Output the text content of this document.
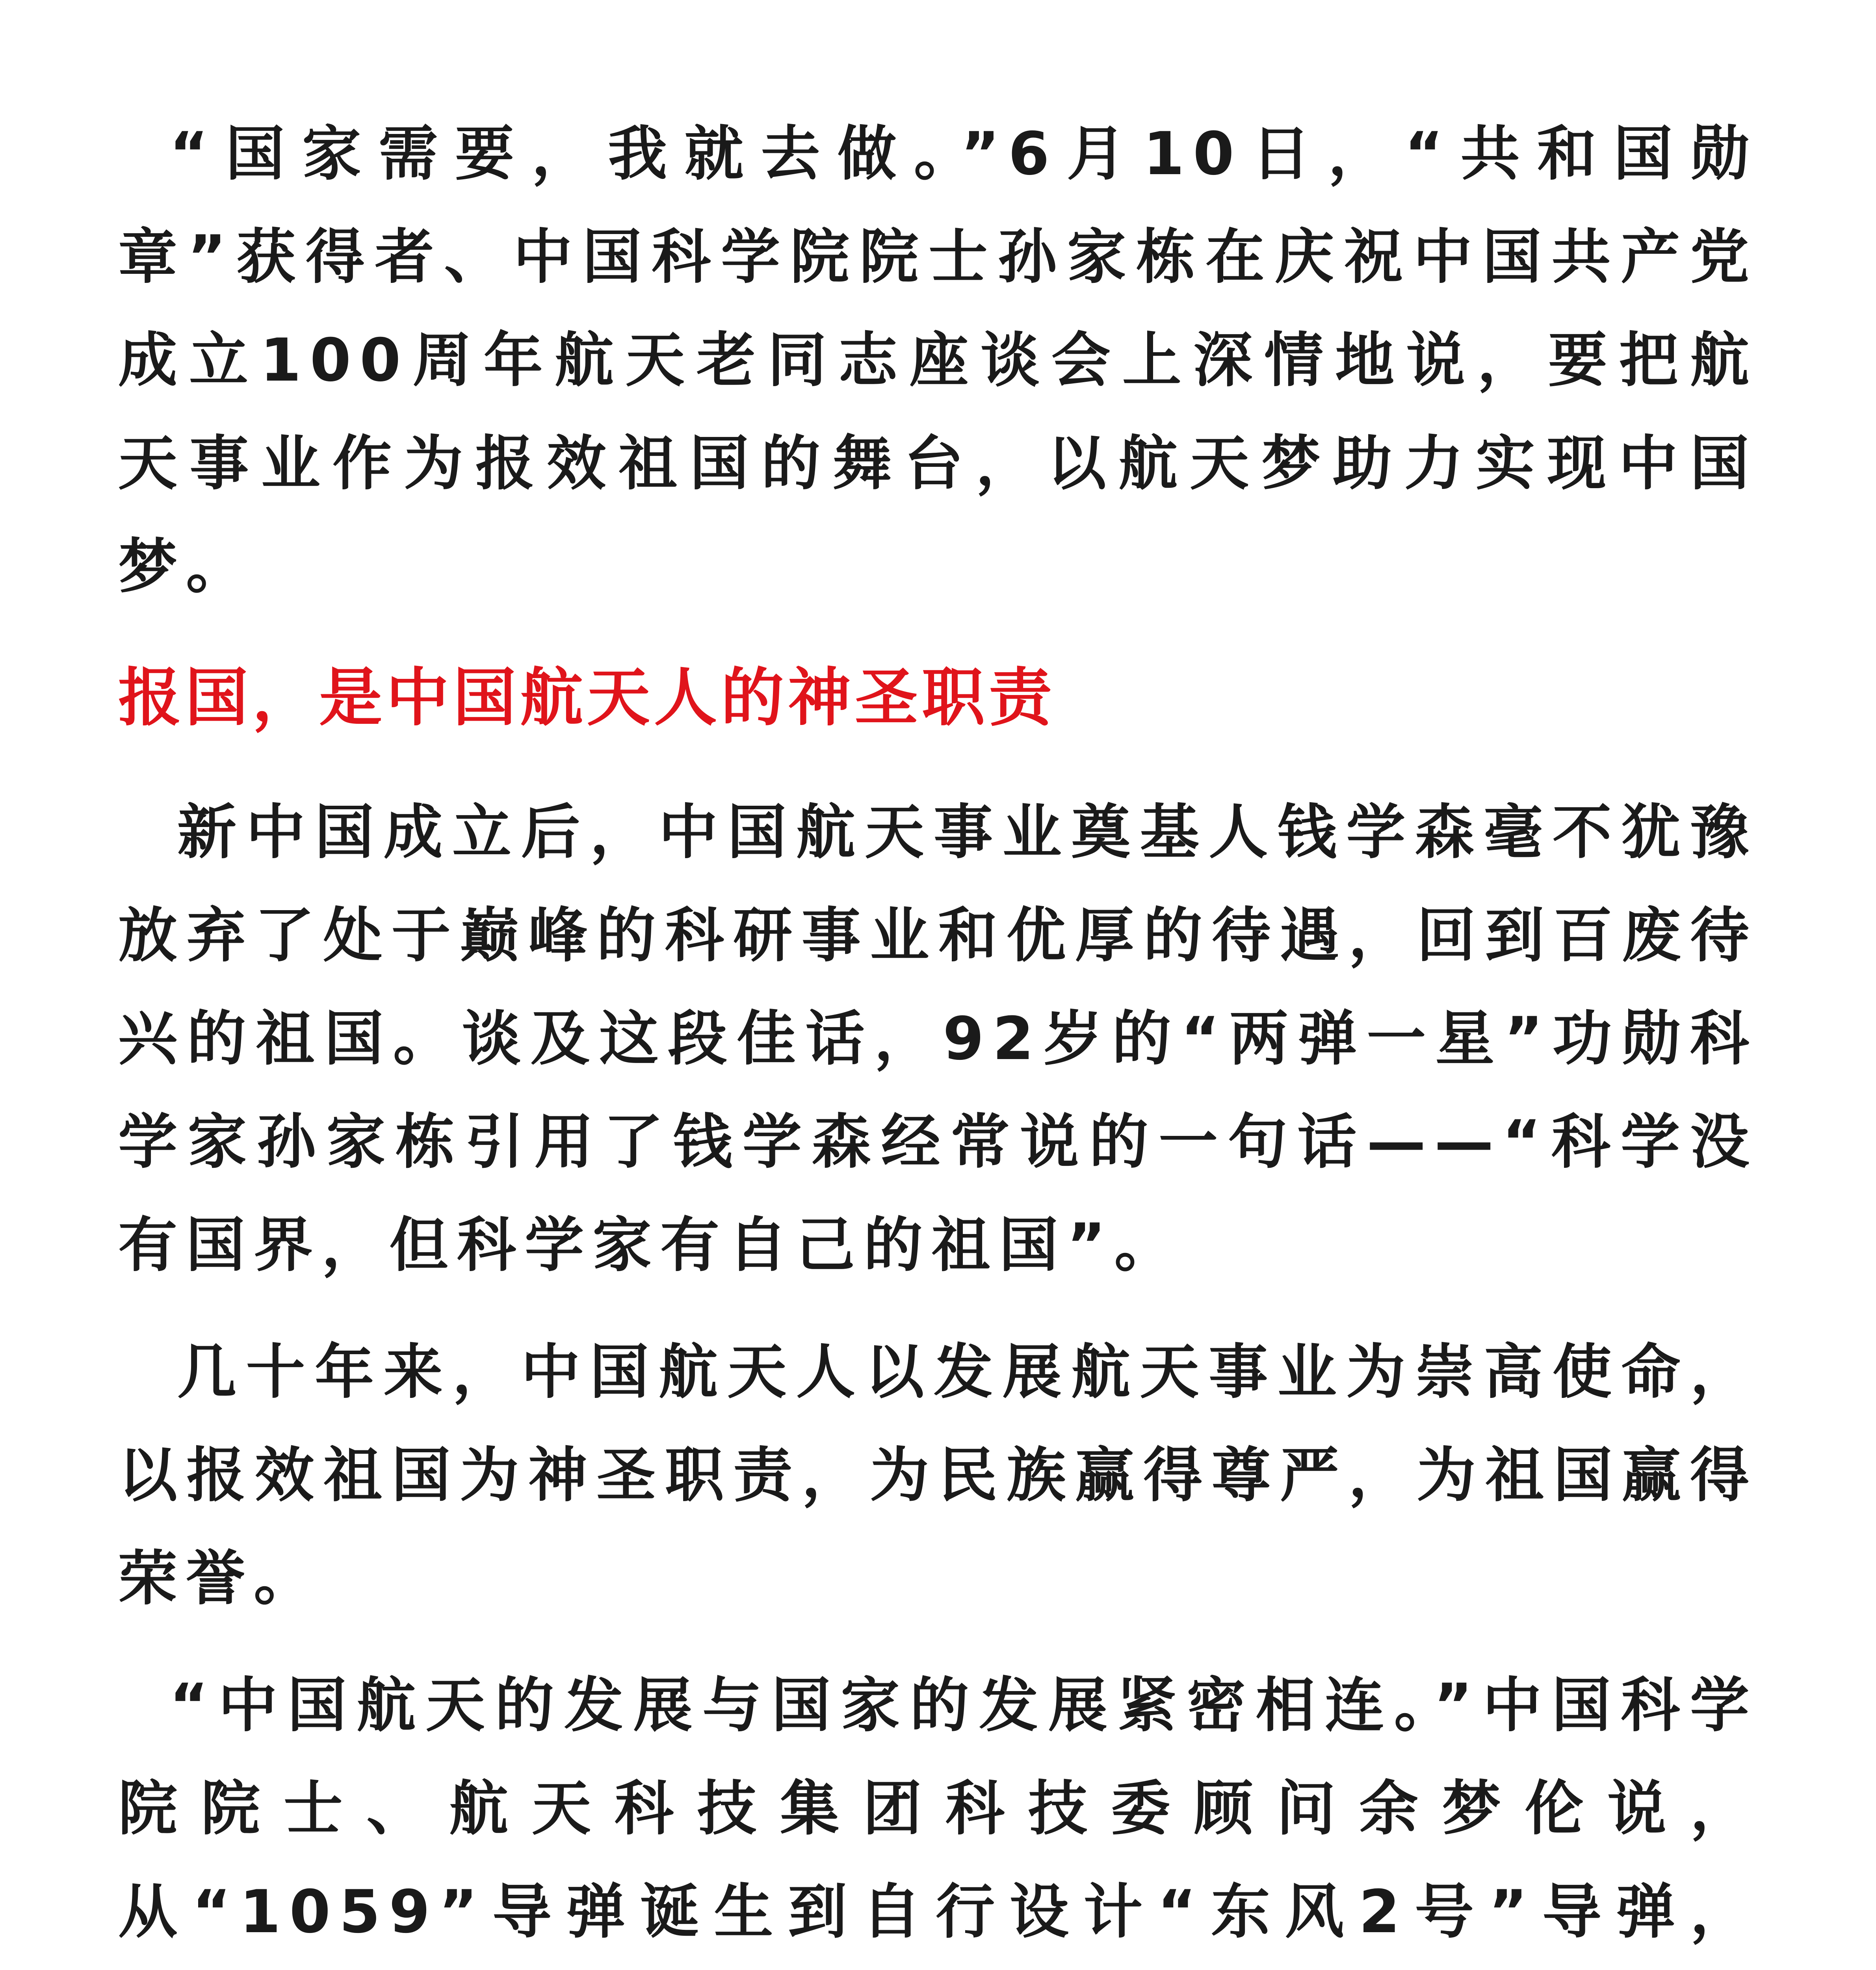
“国家需要，我就去做。”6月10日，“共和国勋章”获得者、中国科学院院士孙家栋在庆祝中国共产党成立100周年航天老同志座谈会上深情地说，要把航天事业作为报效祖国的舞台，以航天梦助力实现中国梦。

报国，是中国航天人的神圣职责

新中国成立后，中国航天事业奠基人钱学森毫不犹豫放弃了处于巅峰的科研事业和优厚的待遇，回到百废待兴的祖国。谈及这段佳话，92岁的“两弹一星”功勋科学家孙家栋引用了钱学森经常说的一句话——“科学没有国界，但科学家有自己的祖国”。

几十年来，中国航天人以发展航天事业为崇高使命，以报效祖国为神圣职责，为民族赢得尊严，为祖国赢得荣誉。

“中国航天的发展与国家的发展紧密相连。”中国科学院院士、航天科技集团科技委顾问余梦伦说，从“1059”导弹诞生到自行设计“东风2号”导弹，
